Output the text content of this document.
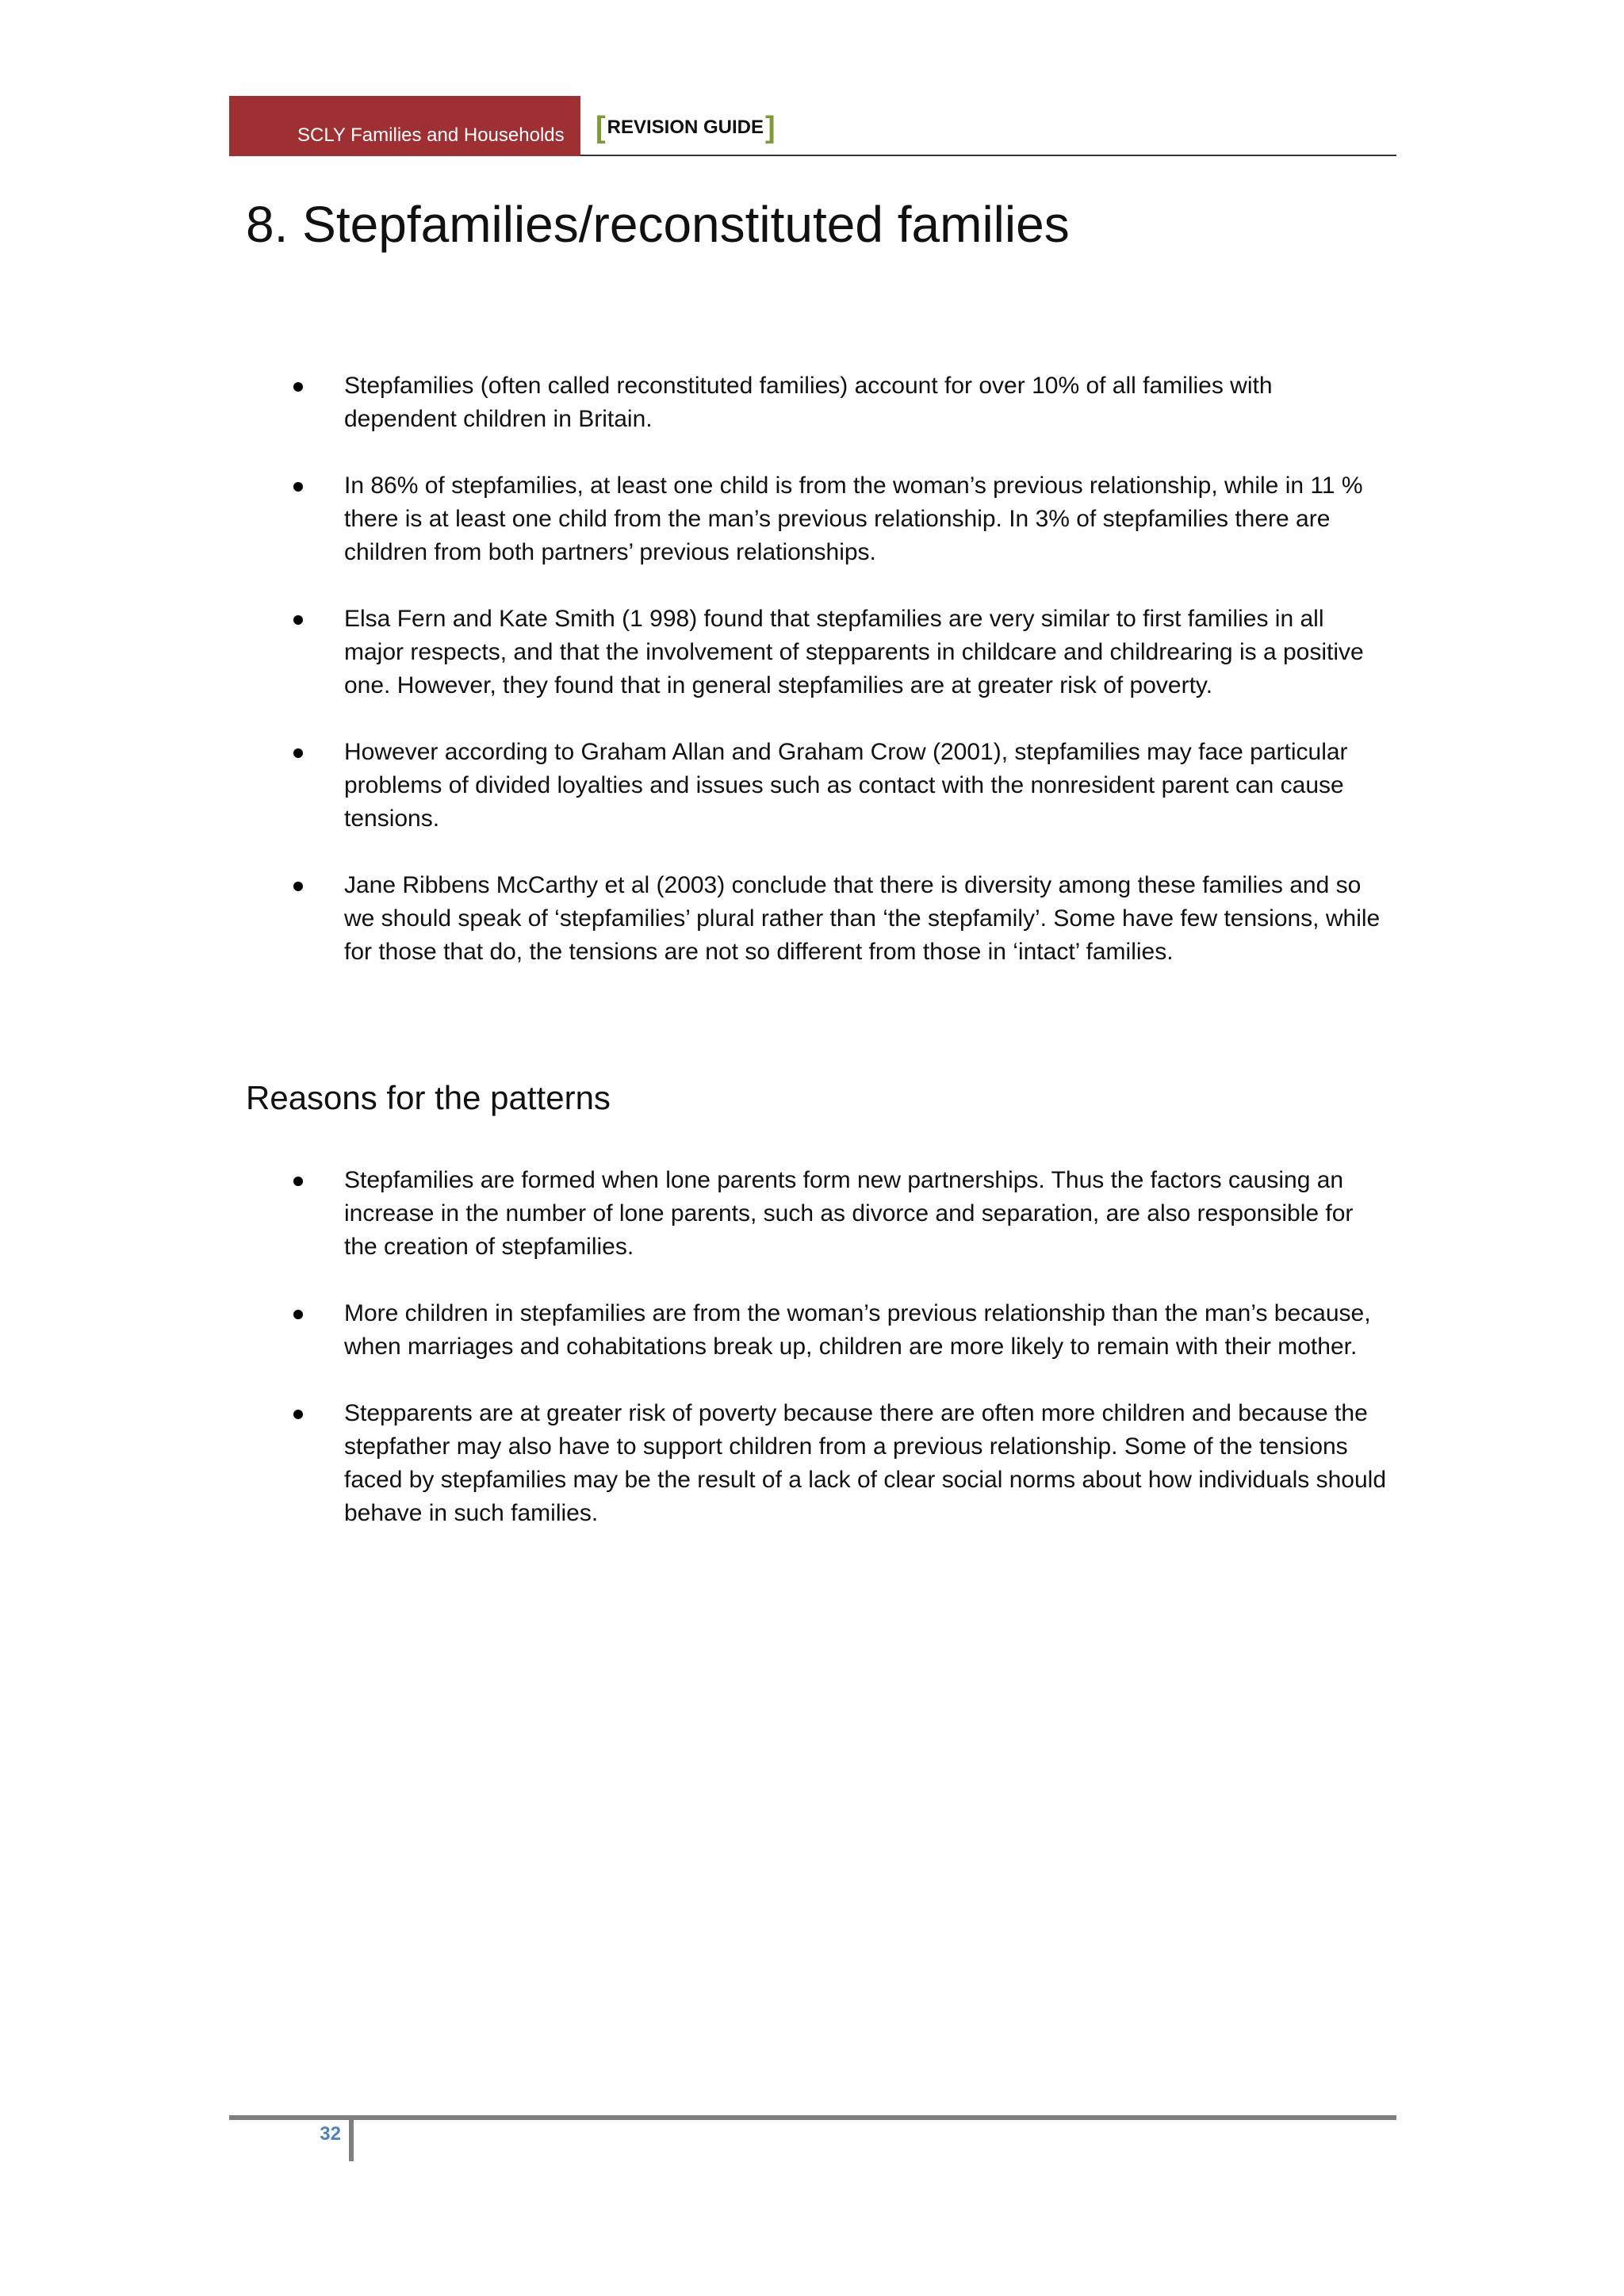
SCLY Families and Households [ REVISION GUIDE ]
8. Stepfamilies/reconstituted families
Stepfamilies (often called reconstituted families) account for over 10% of all families with dependent children in Britain.
In 86% of stepfamilies, at least one child is from the woman’s previous relationship, while in 11 % there is at least one child from the man’s previous relationship. In 3% of stepfamilies there are children from both partners’ previous relationships.
Elsa Fern and Kate Smith (1 998) found that stepfamilies are very similar to first families in all major respects, and that the involvement of stepparents in childcare and childrearing is a positive one. However, they found that in general stepfamilies are at greater risk of poverty.
However according to Graham Allan and Graham Crow (2001), stepfamilies may face particular problems of divided loyalties and issues such as contact with the nonresident parent can cause tensions.
Jane Ribbens McCarthy et al (2003) conclude that there is diversity among these families and so we should speak of ‘stepfamilies’ plural rather than ‘the stepfamily’. Some have few tensions, while for those that do, the tensions are not so different from those in ‘intact’ families.
Reasons for the patterns
Stepfamilies are formed when lone parents form new partnerships. Thus the factors causing an increase in the number of lone parents, such as divorce and separation, are also responsible for the creation of stepfamilies.
More children in stepfamilies are from the woman’s previous relationship than the man’s because, when marriages and cohabitations break up, children are more likely to remain with their mother.
Stepparents are at greater risk of poverty because there are often more children and because the stepfather may also have to support children from a previous relationship. Some of the tensions faced by stepfamilies may be the result of a lack of clear social norms about how individuals should behave in such families.
32
